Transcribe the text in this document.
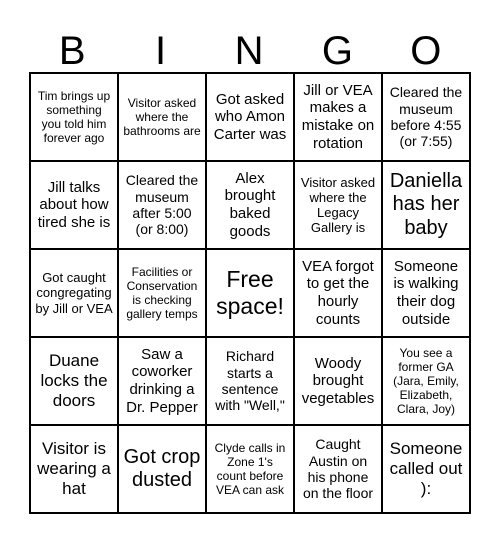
B	I	N	G	O
Tim brings up something you told him forever ago
Visitor asked where the bathrooms are
Got asked who Amon Carter was
Jill or VEA makes a mistake on rotation
Cleared the museum before 4:55 (or 7:55)
Jill talks about how tired she is
Cleared the museum after 5:00 (or 8:00)
Alex brought baked goods
Visitor asked where the Legacy Gallery is
Daniella has her baby
Got caught congregating by Jill or VEA
Facilities or Conservation is checking gallery temps
Free space!
VEA forgot to get the hourly counts
Someone is walking their dog outside
Duane locks the doors
Saw a coworker drinking a Dr. Pepper
Richard starts a sentence with "Well,"
Woody brought vegetables
You see a former GA (Jara, Emily, Elizabeth, Clara, Joy)
Visitor is wearing a hat
Got crop dusted
Clyde calls in Zone 1's count before VEA can ask
Caught Austin on his phone on the floor
Someone called out ):
